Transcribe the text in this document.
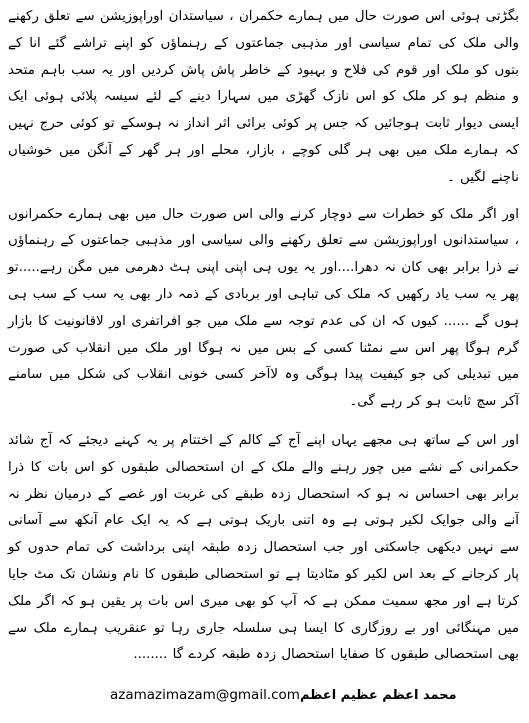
بگڑتی ہوئی اس صورت حال میں ہمارے حکمران ، سیاستدان اوراپوزیشن سے تعلق رکھنے والی ملک کی تمام سیاسی اور مذہبی جماعتوں کے رہنماؤں کو اپنے تراشے گئے انا کے بتوں کو ملک اور قوم کی فلاح و بہبود کے خاطر پاش پاش کردیں اور یہ سب باہم متحد و منظم ہو کر ملک کو اس نازک گھڑی میں سہارا دینے کے لئے سیسہ پلائی ہوئی ایک ایسی دیوار ثابت ہوجائیں کہ جس پر کوئی برائی اثر انداز نہ ہوسکے تو کوئی حرج نہیں کہ ہمارے ملک میں بھی ہر گلی کوچے ، بازار، محلے اور ہر گھر کے آنگن میں خوشیاں ناچنے لگیں ۔

اور اگر ملک کو خطرات سے دوچار کرنے والی اس صورت حال میں بھی ہمارے حکمرانوں ، سیاستدانوں اوراپوزیشن سے تعلق رکھنے والی سیاسی اور مذہبی جماعتوں کے رہنماؤں نے ذرا برابر بھی کان نہ دھرا....اور یہ یوں ہی اپنی اپنی ہٹ دھرمی میں مگن رہے.....تو پھر یہ سب یاد رکھیں کہ ملک کی تباہی اور بربادی کے ذمہ دار بھی یہ سب کے سب ہی ہوں گے ...... کیوں کہ ان کی عدم توجہ سے ملک میں جو افراتفری اور لاقانونیت کا بازار گرم ہوگا پھر اس سے نمٹنا کسی کے بس میں نہ ہوگا اور ملک میں انقلاب کی صورت میں تبدیلی کی جو کیفیت پیدا ہوگی وہ لاآخر کسی خونی انقلاب کی شکل میں سامنے آکر سچ ثابت ہو کر رہے گی۔

اور اس کے ساتھ ہی مجھے یہاں اپنے آج کے کالم کے اختتام پر یہ کہنے دیجئے کہ آج شائد حکمرانی کے نشے میں چور رہنے والے ملک کے ان استحصالی طبقوں کو اس بات کا ذرا برابر بھی احساس نہ ہو کہ استحصال زدہ طبقے کی غربت اور غصے کے درمیان نظر نہ آنے والی جوایک لکیر ہوتی ہے وہ اتنی باریک ہوتی ہے کہ یہ ایک عام آنکھ سے آسانی سے نہیں دیکھی جاسکتی اور جب استحصال زدہ طبقہ اپنی برداشت کی تمام حدوں کو پار کرجانے کے بعد اس لکیر کو مٹادیتا ہے تو استحصالی طبقوں کا نام ونشان تک مٹ جایا کرتا ہے اور مجھ سمیت ممکن ہے کہ آپ کو بھی میری اس بات پر یقین ہو کہ اگر ملک میں مہنگائی اور بے روزگاری کا ایسا ہی سلسلہ جاری رہا تو عنقریب ہمارے ملک سے بھی استحصالی طبقوں کا صفایا استحصال زدہ طبقہ کردے گا ........

azamazimazam@gmail.comمحمد اعظم عظیم اعظم
